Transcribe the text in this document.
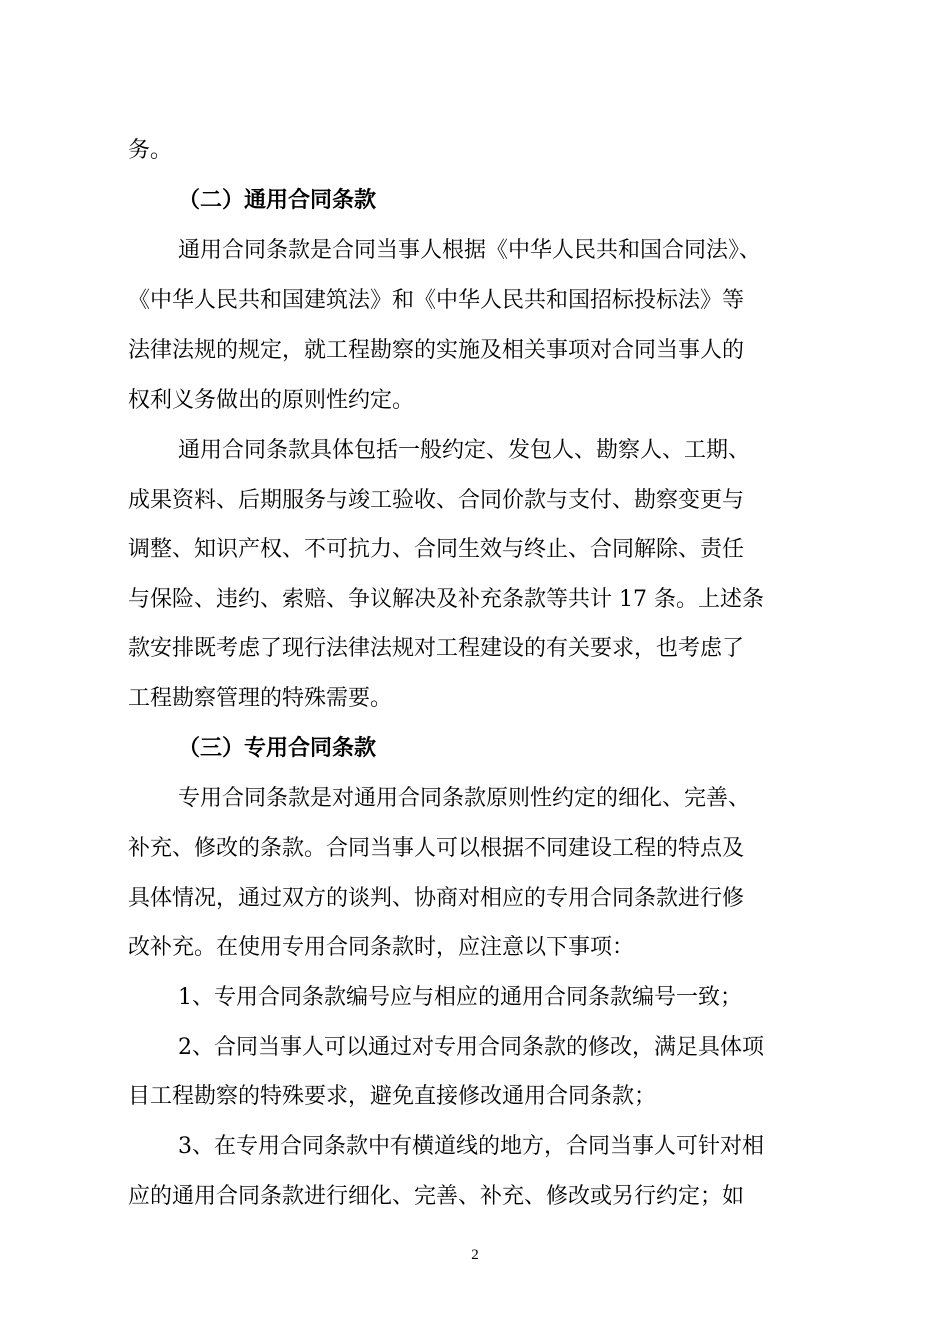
务。
（二）通用合同条款
通用合同条款是合同当事人根据《中华人民共和国合同法》、
《中华人民共和国建筑法》和《中华人民共和国招标投标法》等
法律法规的规定，就工程勘察的实施及相关事项对合同当事人的
权利义务做出的原则性约定。
通用合同条款具体包括一般约定、发包人、勘察人、工期、
成果资料、后期服务与竣工验收、合同价款与支付、勘察变更与
调整、知识产权、不可抗力、合同生效与终止、合同解除、责任
与保险、违约、索赔、争议解决及补充条款等共计 17 条。上述条
款安排既考虑了现行法律法规对工程建设的有关要求，也考虑了
工程勘察管理的特殊需要。
（三）专用合同条款
专用合同条款是对通用合同条款原则性约定的细化、完善、
补充、修改的条款。合同当事人可以根据不同建设工程的特点及
具体情况，通过双方的谈判、协商对相应的专用合同条款进行修
改补充。在使用专用合同条款时，应注意以下事项：
1、专用合同条款编号应与相应的通用合同条款编号一致；
2、合同当事人可以通过对专用合同条款的修改，满足具体项
目工程勘察的特殊要求，避免直接修改通用合同条款；
3、在专用合同条款中有横道线的地方，合同当事人可针对相
应的通用合同条款进行细化、完善、补充、修改或另行约定；如
2
